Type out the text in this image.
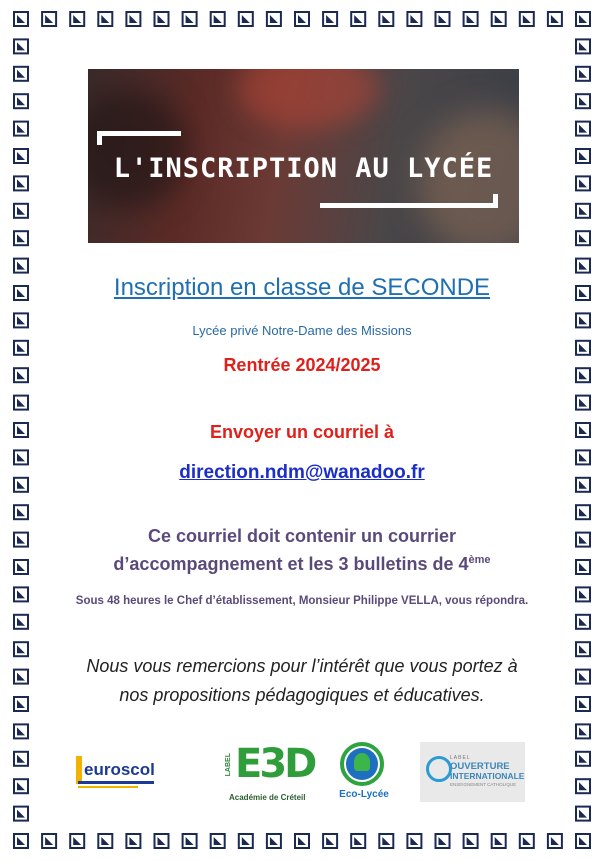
L'INSCRIPTION AU LYCÉE
Inscription en classe de SECONDE
Lycée privé Notre-Dame des Missions
Rentrée 2024/2025
Envoyer un courriel à
direction.ndm@wanadoo.fr
Ce courriel doit contenir un courrier
d’accompagnement et les 3 bulletins de 4ème
Sous 48 heures le Chef d’établissement, Monsieur Philippe VELLA, vous répondra.
Nous vous remercions pour l’intérêt que vous portez à
nos propositions pédagogiques et éducatives.
euroscol	LABEL E3D
Académie de Créteil	Eco-Lycée
LABEL
OUVERTURE
INTERNATIONALE
ENSEIGNEMENT CATHOLIQUE
